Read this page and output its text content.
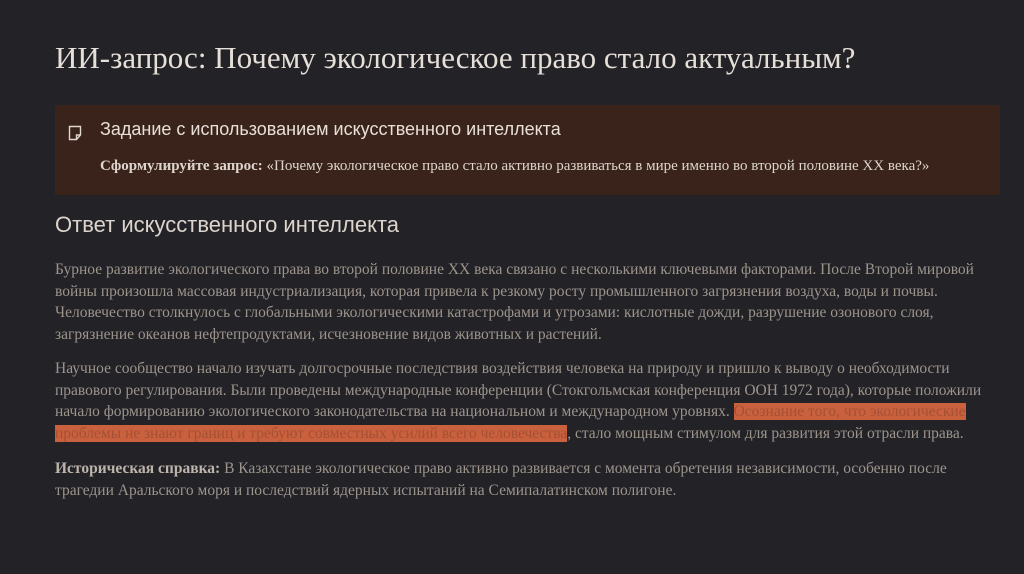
ИИ-запрос: Почему экологическое право стало актуальным?
Задание с использованием искусственного интеллекта
Сформулируйте запрос: «Почему экологическое право стало активно развиваться в мире именно во второй половине XX века?»
Ответ искусственного интеллекта

Бурное развитие экологического права во второй половине XX века связано с несколькими ключевыми факторами. После Второй мировой войны произошла массовая индустриализация, которая привела к резкому росту промышленного загрязнения воздуха, воды и почвы. Человечество столкнулось с глобальными экологическими катастрофами и угрозами: кислотные дожди, разрушение озонового слоя, загрязнение океанов нефтепродуктами, исчезновение видов животных и растений.

Научное сообщество начало изучать долгосрочные последствия воздействия человека на природу и пришло к выводу о необходимости правового регулирования. Были проведены международные конференции (Стокгольмская конференция ООН 1972 года), которые положили начало формированию экологического законодательства на национальном и международном уровнях. Осознание того, что экологические проблемы не знают границ и требуют совместных усилий всего человечества, стало мощным стимулом для развития этой отрасли права.

Историческая справка: В Казахстане экологическое право активно развивается с момента обретения независимости, особенно после трагедии Аральского моря и последствий ядерных испытаний на Семипалатинском полигоне.
